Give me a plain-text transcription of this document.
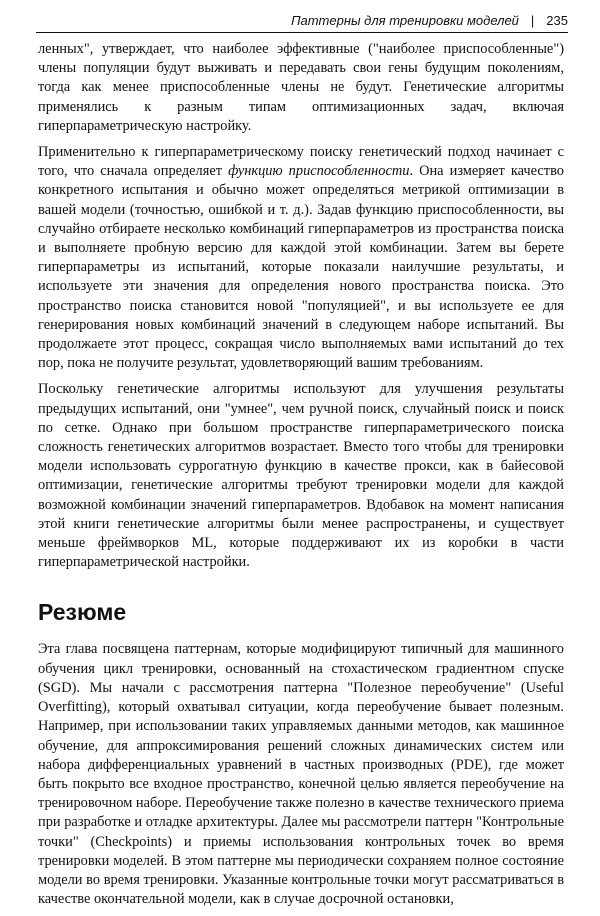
Паттерны для тренировки моделей | 235

ленных", утверждает, что наиболее эффективные ("наиболее приспособленные") члены популяции будут выживать и передавать свои гены будущим поколениям, тогда как менее приспособленные члены не будут. Генетические алгоритмы применялись к разным типам оптимизационных задач, включая гиперпараметрическую настройку.

Применительно к гиперпараметрическому поиску генетический подход начинает с того, что сначала определяет функцию приспособленности. Она измеряет качество конкретного испытания и обычно может определяться метрикой оптимизации в вашей модели (точностью, ошибкой и т. д.). Задав функцию приспособленности, вы случайно отбираете несколько комбинаций гиперпараметров из пространства поиска и выполняете пробную версию для каждой этой комбинации. Затем вы берете гиперпараметры из испытаний, которые показали наилучшие результаты, и используете эти значения для определения нового пространства поиска. Это пространство поиска становится новой "популяцией", и вы используете ее для генерирования новых комбинаций значений в следующем наборе испытаний. Вы продолжаете этот процесс, сокращая число выполняемых вами испытаний до тех пор, пока не получите результат, удовлетворяющий вашим требованиям.

Поскольку генетические алгоритмы используют для улучшения результаты предыдущих испытаний, они "умнее", чем ручной поиск, случайный поиск и поиск по сетке. Однако при большом пространстве гиперпараметрического поиска сложность генетических алгоритмов возрастает. Вместо того чтобы для тренировки модели использовать суррогатную функцию в качестве прокси, как в байесовой оптимизации, генетические алгоритмы требуют тренировки модели для каждой возможной комбинации значений гиперпараметров. Вдобавок на момент написания этой книги генетические алгоритмы были менее распространены, и существует меньше фреймворков ML, которые поддерживают их из коробки в части гиперпараметрической настройки.

Резюме

Эта глава посвящена паттернам, которые модифицируют типичный для машинного обучения цикл тренировки, основанный на стохастическом градиентном спуске (SGD). Мы начали с рассмотрения паттерна "Полезное переобучение" (Useful Overfitting), который охватывал ситуации, когда переобучение бывает полезным. Например, при использовании таких управляемых данными методов, как машинное обучение, для аппроксимирования решений сложных динамических систем или набора дифференциальных уравнений в частных производных (PDE), где может быть покрыто все входное пространство, конечной целью является переобучение на тренировочном наборе. Переобучение также полезно в качестве технического приема при разработке и отладке архитектуры. Далее мы рассмотрели паттерн "Контрольные точки" (Checkpoints) и приемы использования контрольных точек во время тренировки моделей. В этом паттерне мы периодически сохраняем полное состояние модели во время тренировки. Указанные контрольные точки могут рассматриваться в качестве окончательной модели, как в случае досрочной остановки,
